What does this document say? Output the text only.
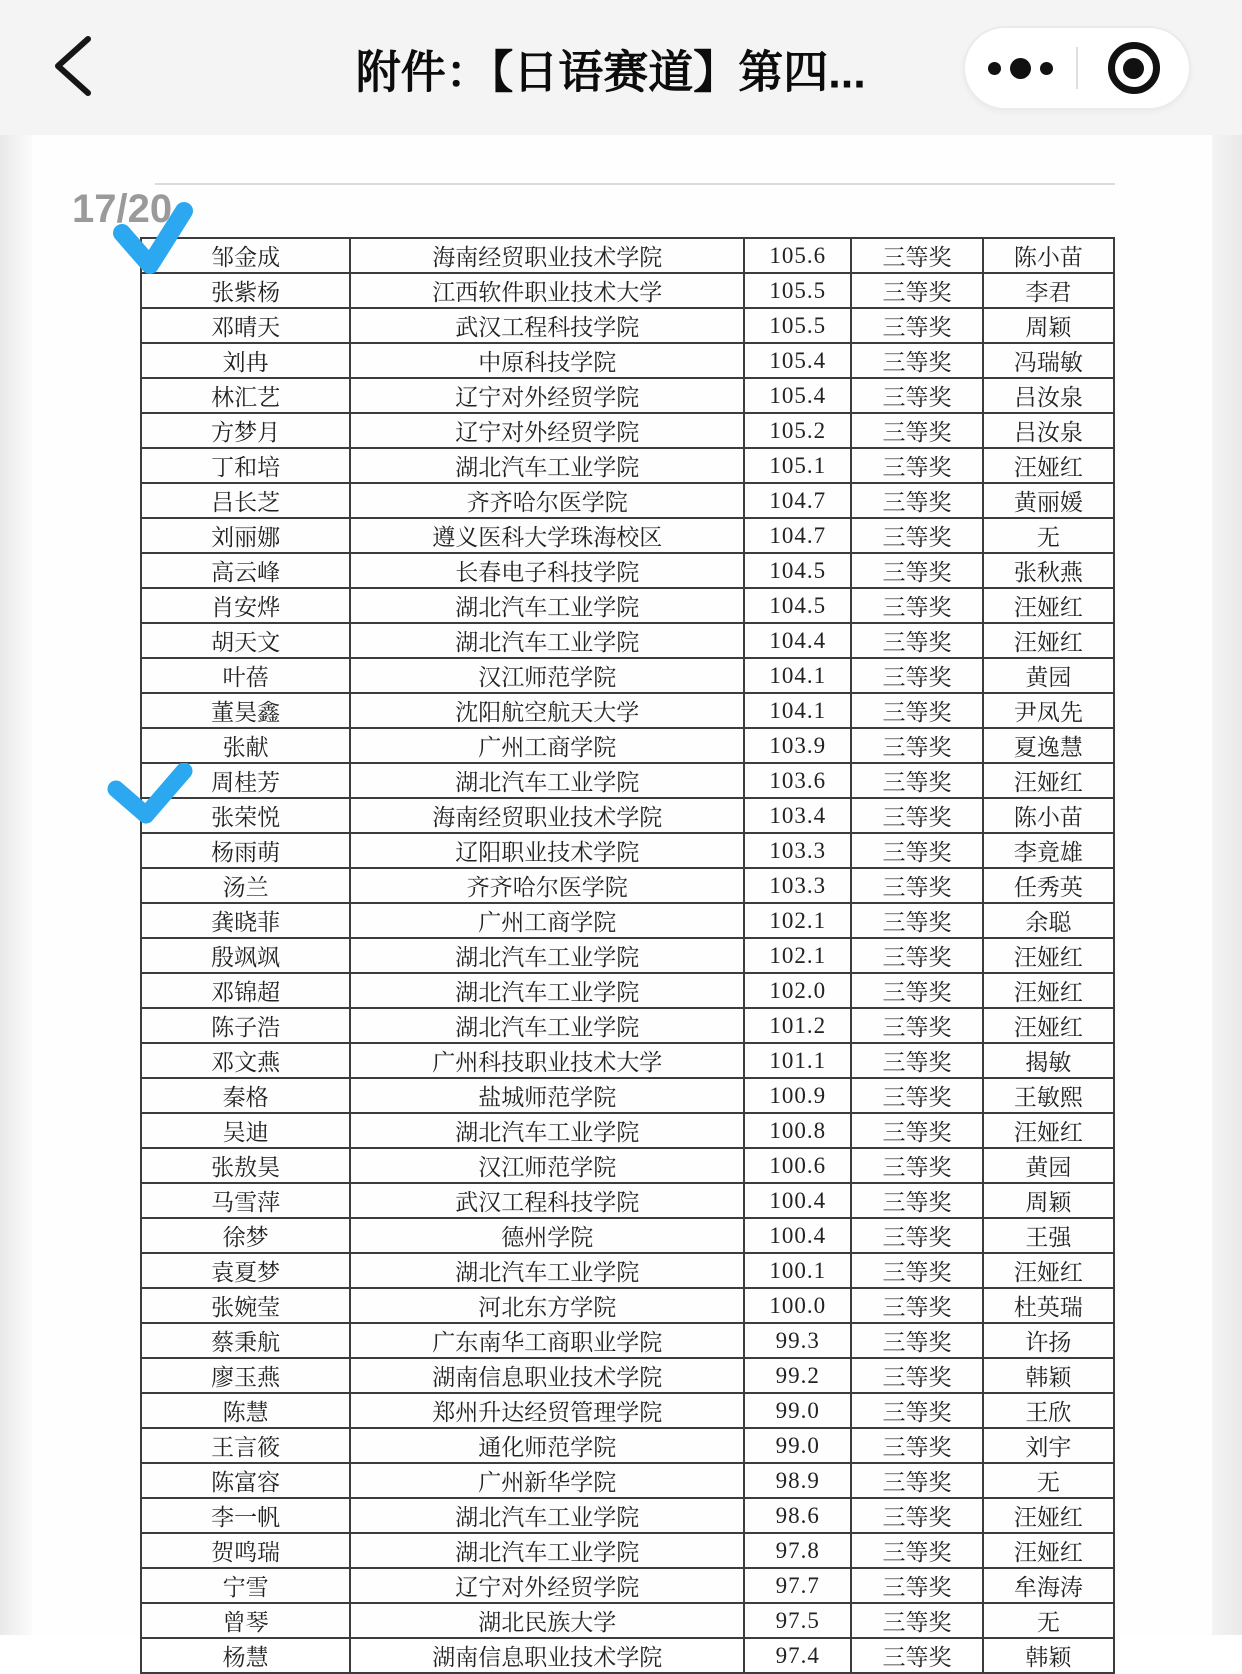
附件：【日语赛道】第四...
17/20
邹金成	海南经贸职业技术学院	105.6	三等奖	陈小苗
张紫杨	江西软件职业技术大学	105.5	三等奖	李君
邓晴天	武汉工程科技学院	105.5	三等奖	周颖
刘冉	中原科技学院	105.4	三等奖	冯瑞敏
林汇艺	辽宁对外经贸学院	105.4	三等奖	吕汝泉
方梦月	辽宁对外经贸学院	105.2	三等奖	吕汝泉
丁和培	湖北汽车工业学院	105.1	三等奖	汪娅红
吕长芝	齐齐哈尔医学院	104.7	三等奖	黄丽媛
刘丽娜	遵义医科大学珠海校区	104.7	三等奖	无
高云峰	长春电子科技学院	104.5	三等奖	张秋燕
肖安烨	湖北汽车工业学院	104.5	三等奖	汪娅红
胡天文	湖北汽车工业学院	104.4	三等奖	汪娅红
叶蓓	汉江师范学院	104.1	三等奖	黄园
董昊鑫	沈阳航空航天大学	104.1	三等奖	尹凤先
张献	广州工商学院	103.9	三等奖	夏逸慧
周桂芳	湖北汽车工业学院	103.6	三等奖	汪娅红
张荣悦	海南经贸职业技术学院	103.4	三等奖	陈小苗
杨雨萌	辽阳职业技术学院	103.3	三等奖	李竟雄
汤兰	齐齐哈尔医学院	103.3	三等奖	任秀英
龚晓菲	广州工商学院	102.1	三等奖	余聪
殷飒飒	湖北汽车工业学院	102.1	三等奖	汪娅红
邓锦超	湖北汽车工业学院	102.0	三等奖	汪娅红
陈子浩	湖北汽车工业学院	101.2	三等奖	汪娅红
邓文燕	广州科技职业技术大学	101.1	三等奖	揭敏
秦格	盐城师范学院	100.9	三等奖	王敏熙
吴迪	湖北汽车工业学院	100.8	三等奖	汪娅红
张敖昊	汉江师范学院	100.6	三等奖	黄园
马雪萍	武汉工程科技学院	100.4	三等奖	周颖
徐梦	德州学院	100.4	三等奖	王强
袁夏梦	湖北汽车工业学院	100.1	三等奖	汪娅红
张婉莹	河北东方学院	100.0	三等奖	杜英瑞
蔡秉航	广东南华工商职业学院	99.3	三等奖	许扬
廖玉燕	湖南信息职业技术学院	99.2	三等奖	韩颖
陈慧	郑州升达经贸管理学院	99.0	三等奖	王欣
王言筱	通化师范学院	99.0	三等奖	刘宇
陈富容	广州新华学院	98.9	三等奖	无
李一帆	湖北汽车工业学院	98.6	三等奖	汪娅红
贺鸣瑞	湖北汽车工业学院	97.8	三等奖	汪娅红
宁雪	辽宁对外经贸学院	97.7	三等奖	牟海涛
曾琴	湖北民族大学	97.5	三等奖	无
杨慧	湖南信息职业技术学院	97.4	三等奖	韩颖
